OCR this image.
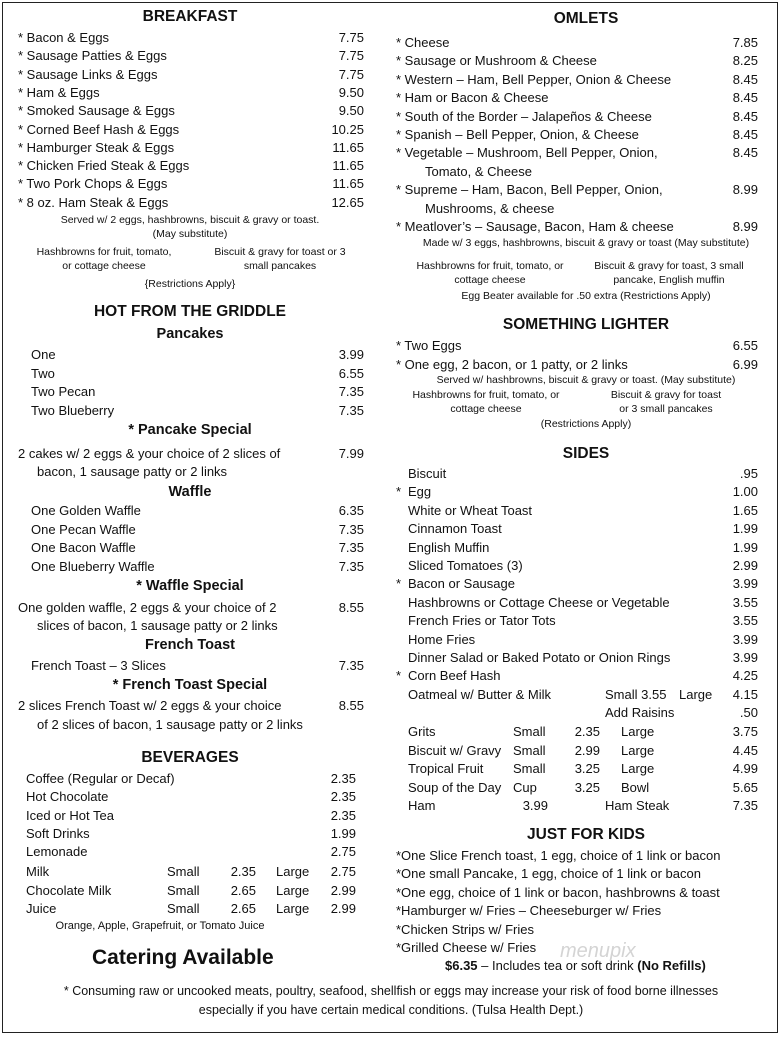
BREAKFAST
* Bacon & Eggs	7.75
* Sausage Patties & Eggs	7.75
* Sausage Links & Eggs	7.75
* Ham & Eggs	9.50
* Smoked Sausage & Eggs	9.50
* Corned Beef Hash & Eggs	10.25
* Hamburger Steak & Eggs	11.65
* Chicken Fried Steak & Eggs	11.65
* Two Pork Chops & Eggs	11.65
* 8 oz. Ham Steak & Eggs	12.65
Served w/ 2 eggs, hashbrowns, biscuit & gravy or toast.
(May substitute)
Hashbrowns for fruit, tomato,
or cottage cheese
Biscuit & gravy for toast or 3
small pancakes
{Restrictions Apply}
HOT FROM THE GRIDDLE
Pancakes
One	3.99
Two	6.55
Two Pecan	7.35
Two Blueberry	7.35
* Pancake Special
2 cakes w/ 2 eggs & your choice of 2 slices of
bacon, 1 sausage patty or 2 links
7.99
Waffle
One Golden Waffle	6.35
One Pecan Waffle	7.35
One Bacon Waffle	7.35
One Blueberry Waffle	7.35
* Waffle Special
One golden waffle, 2 eggs & your choice of 2
slices of bacon, 1 sausage patty or 2 links
8.55
French Toast
French Toast – 3 Slices	7.35
* French Toast Special
2 slices French Toast w/ 2 eggs & your choice
of 2 slices of bacon, 1 sausage patty or 2 links
8.55
BEVERAGES
Coffee (Regular or Decaf)	2.35
Hot Chocolate	2.35
Iced or Hot Tea	2.35
Soft Drinks	1.99
Lemonade	2.75
Milk	Small	2.35 Large	2.75
Chocolate Milk	Small	2.65 Large	2.99
Juice	Small	2.65 Large	2.99
Orange, Apple, Grapefruit, or Tomato Juice
OMLETS
* Cheese	7.85
* Sausage or Mushroom & Cheese	8.25
* Western – Ham, Bell Pepper, Onion & Cheese	8.45
* Ham or Bacon & Cheese	8.45
* South of the Border – Jalapeños & Cheese	8.45
* Spanish – Bell Pepper, Onion, & Cheese	8.45
* Vegetable – Mushroom, Bell Pepper, Onion,	8.45
Tomato, & Cheese
* Supreme – Ham, Bacon, Bell Pepper, Onion,
Mushrooms, & cheese
8.99
* Meatlover’s – Sausage, Bacon, Ham & cheese	8.99
Made w/ 3 eggs, hashbrowns, biscuit & gravy or toast (May substitute)
Hashbrowns for fruit, tomato, or
cottage cheese
Biscuit & gravy for toast, 3 small
pancake, English muffin
Egg Beater available for .50 extra (Restrictions Apply)
SOMETHING LIGHTER
* Two Eggs	6.55
* One egg, 2 bacon, or 1 patty, or 2 links	6.99
Served w/ hashbrowns, biscuit & gravy or toast. (May substitute)
Hashbrowns for fruit, tomato, or
cottage cheese
Biscuit & gravy for toast
or 3 small pancakes
(Restrictions Apply)
SIDES
Biscuit	.95
* Egg	1.00
White or Wheat Toast	1.65
Cinnamon Toast	1.99
English Muffin	1.99
Sliced Tomatoes (3)	2.99
* Bacon or Sausage	3.99
Hashbrowns or Cottage Cheese or Vegetable	3.55
French Fries or Tator Tots	3.55
Home Fries	3.99
Dinner Salad or Baked Potato or Onion Rings	3.99
* Corn Beef Hash	4.25
Oatmeal w/ Butter & Milk	Small 3.55 Large	4.15
Add Raisins	.50
Grits	Small	2.35 Large	3.75
Biscuit w/ Gravy Small	2.99 Large	4.45
Tropical Fruit Small	3.25 Large	4.99
Soup of the Day Cup	3.25 Bowl	5.65
Ham	3.99	Ham Steak	7.35
JUST FOR KIDS
*One Slice French toast, 1 egg, choice of 1 link or bacon
*One small Pancake, 1 egg, choice of 1 link or bacon
*One egg, choice of 1 link or bacon, hashbrowns & toast
*Hamburger w/ Fries – Cheeseburger w/ Fries
*Chicken Strips w/ Fries
*Grilled Cheese w/ Fries
$6.35 – Includes tea or soft drink (No Refills)
Catering Available	menupix
* Consuming raw or uncooked meats, poultry, seafood, shellfish or eggs may increase your risk of food borne illnesses
especially if you have certain medical conditions. (Tulsa Health Dept.)
